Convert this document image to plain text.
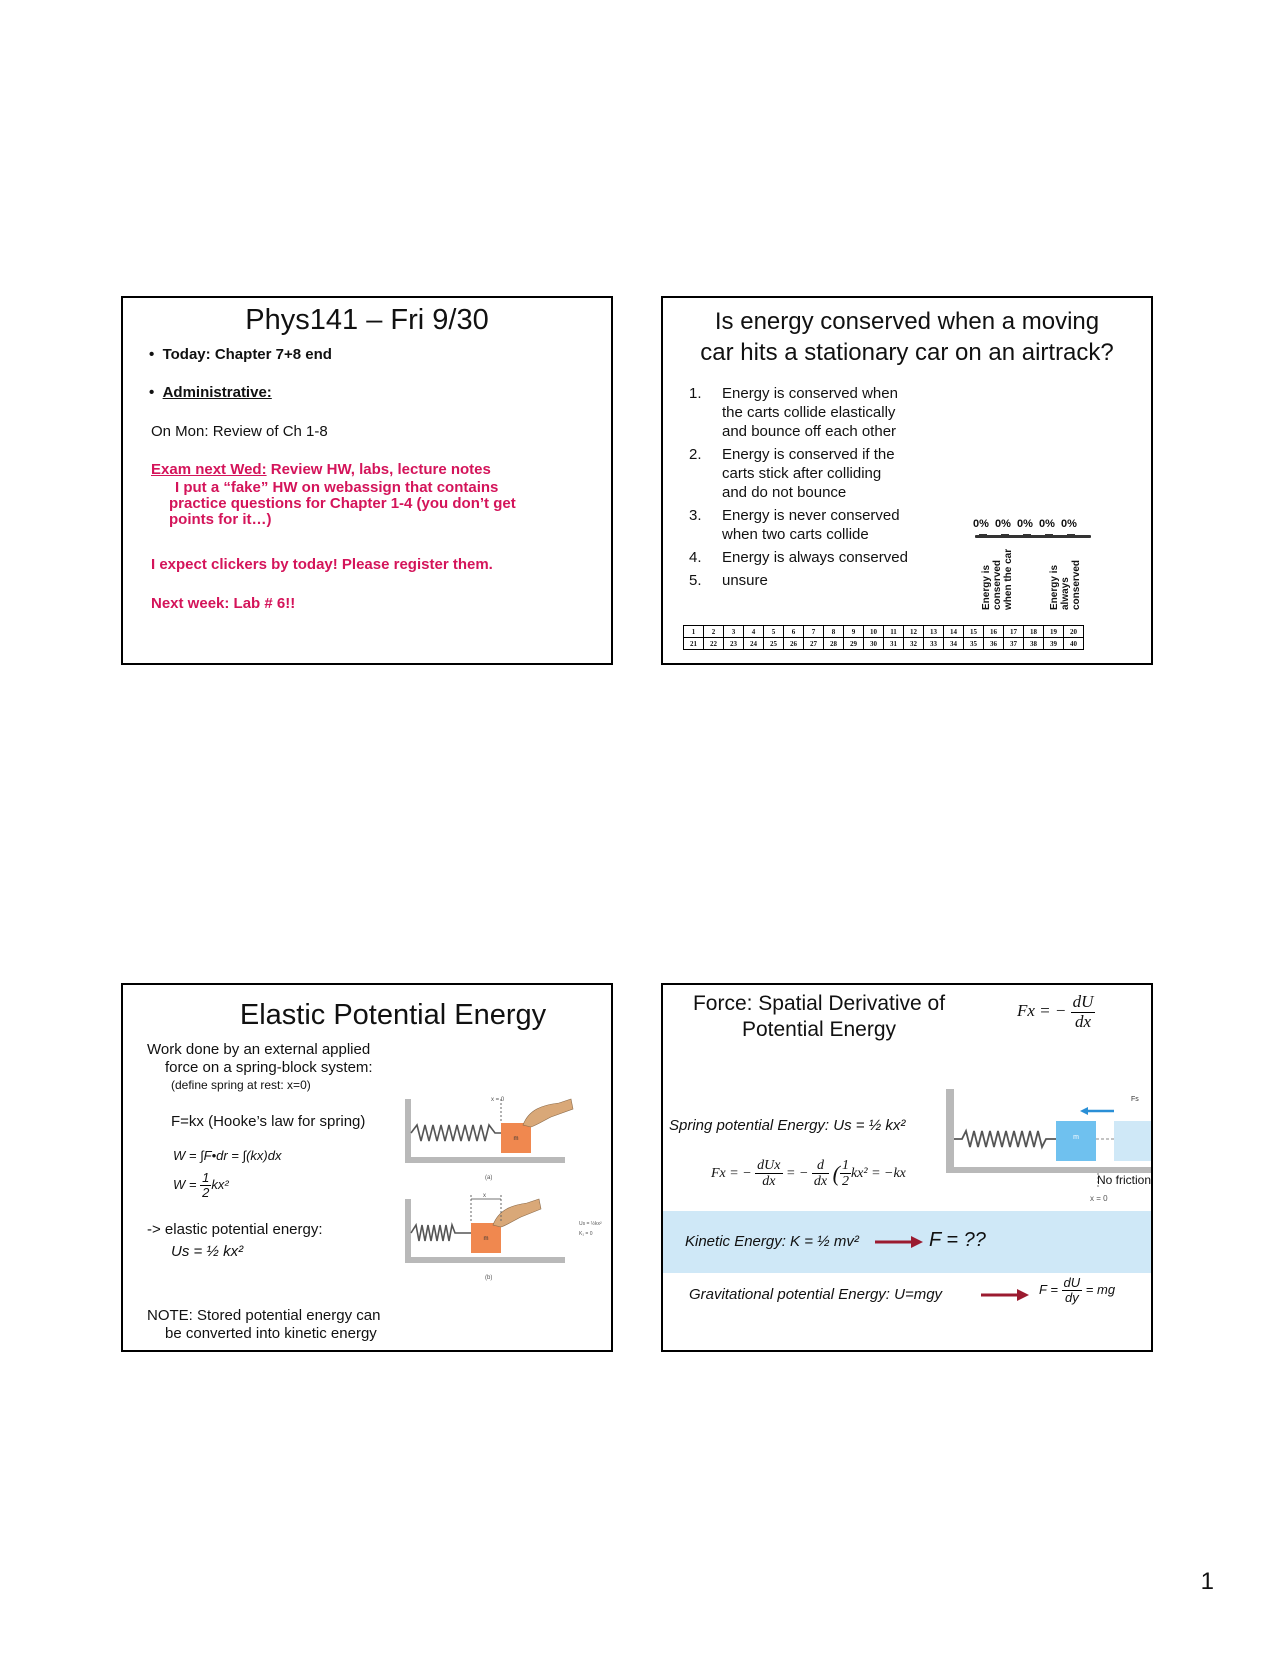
Phys141 – Fri 9/30
•  Today: Chapter 7+8 end
•  Administrative:
On Mon: Review of Ch 1-8
Exam next Wed: Review HW, labs, lecture notes
I put a “fake” HW on webassign that contains
practice questions for Chapter 1-4 (you don’t get
points for it…)
I expect clickers by today! Please register them.
Next week: Lab # 6!!
Is energy conserved when a moving
car hits a stationary car on an airtrack?
1.	Energy is conserved when
the carts collide elastically
and bounce off each other
2.	Energy is conserved if the
carts stick after colliding
and do not bounce
3.	Energy is never conserved
when two carts collide
4.	Energy is always conserved
5.	unsure
0% 0% 0% 0% 0%
Energy is
conserved
when the car	Energy is
always
conserved
1	2	3	4	5	6	7	8	9	10	11	12	13	14	15	16	17	18	19	20
21	22	23	24	25	26	27	28	29	30	31	32	33	34	35	36	37	38	39	40
Elastic Potential Energy
Work done by an external applied
force on a spring-block system:
(define spring at rest: x=0)
F=kx (Hooke’s law for spring)
W = ∫F•dr = ∫(kx)dx
$W = \frac{1}{2} kx^2$
-> elastic potential energy:
Us = ½ kx²
NOTE: Stored potential energy can
be converted into kinetic energy
m
x = 0
(a)
m
x
Us = ½kx²
K₁ = 0
(b)
Force: Spatial Derivative of
Potential Energy
Fx = − $\frac{dU}{dx}$
Spring potential Energy: Us = ½ kx²
Fx = − $\frac{\text{dUx}}{dx}$ = − $\frac{d}{dx}$ ( $\frac{1}{2} kx^2 = -kx$
m
Fs
x = 0
No friction
Kinetic Energy: K = ½ mv²	F = ??
Gravitational potential Energy: U=mgy	$F = \frac{dU}{dy}$ = mg
1
